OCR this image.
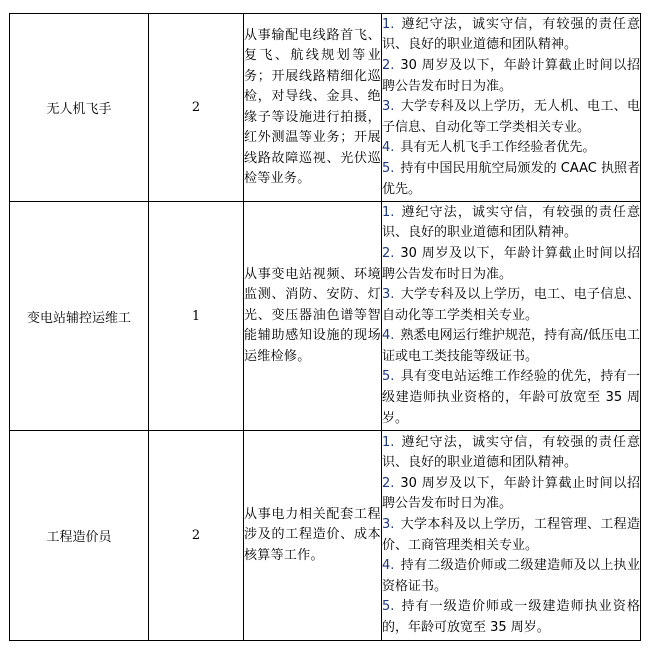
无人机飞手	2	从事输配电线路首飞、复飞、航线规划等业务；开展线路精细化巡检，对导线、金具、绝缘子等设施进行拍摄，红外测温等业务；开展线路故障巡视、光伏巡检等业务。	1. 遵纪守法，诚实守信，有较强的责任意识、良好的职业道德和团队精神。
2. 30 周岁及以下，年龄计算截止时间以招聘公告发布时日为准。
3. 大学专科及以上学历，无人机、电工、电子信息、自动化等工学类相关专业。
4. 具有无人机飞手工作经验者优先。
5. 持有中国民用航空局颁发的 CAAC 执照者优先。

变电站辅控运维工	1	从事变电站视频、环境监测、消防、安防、灯光、变压器油色谱等智能辅助感知设施的现场运维检修。	1. 遵纪守法，诚实守信，有较强的责任意识、良好的职业道德和团队精神。
2. 30 周岁及以下，年龄计算截止时间以招聘公告发布时日为准。
3. 大学专科及以上学历，电工、电子信息、自动化等工学类相关专业。
4. 熟悉电网运行维护规范，持有高/低压电工证或电工类技能等级证书。
5. 具有变电站运维工作经验的优先，持有一级建造师执业资格的，年龄可放宽至 35 周岁。

工程造价员	2	从事电力相关配套工程涉及的工程造价、成本核算等工作。	1. 遵纪守法，诚实守信，有较强的责任意识、良好的职业道德和团队精神。
2. 30 周岁及以下，年龄计算截止时间以招聘公告发布时日为准。
3. 大学本科及以上学历，工程管理、工程造价、工商管理类相关专业。
4. 持有二级造价师或二级建造师及以上执业资格证书。
5. 持有一级造价师或一级建造师执业资格的，年龄可放宽至 35 周岁。
